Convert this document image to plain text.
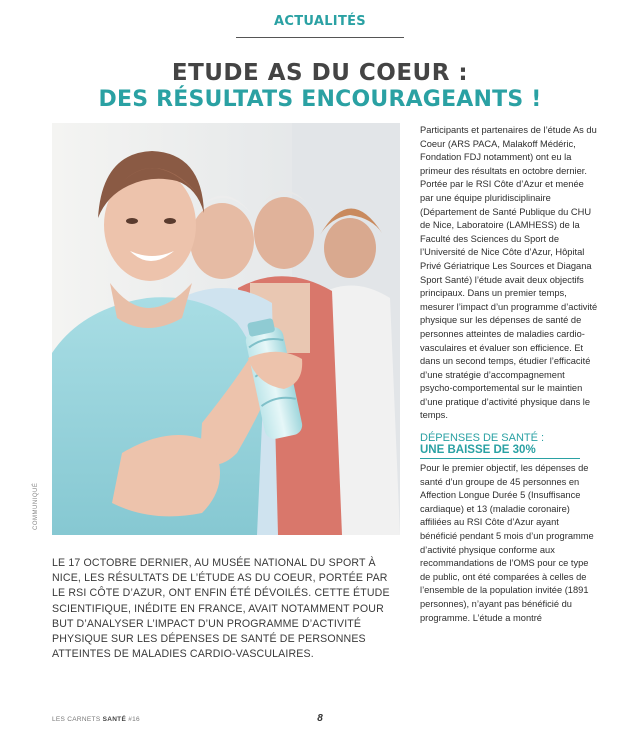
ACTUALITÉS
ETUDE AS DU COEUR :
DES RÉSULTATS ENCOURAGEANTS !
COMMUNIQUÉ

LE 17 OCTOBRE DERNIER, AU MUSÉE NATIONAL DU SPORT À NICE, LES RÉSULTATS DE L’ÉTUDE AS DU COEUR, PORTÉE PAR LE RSI CÔTE D’AZUR, ONT ENFIN ÉTÉ DÉVOILÉS. CETTE ÉTUDE SCIENTIFIQUE, INÉDITE EN FRANCE, AVAIT NOTAMMENT POUR BUT D’ANALYSER L’IMPACT D’UN PROGRAMME D’ACTIVITÉ PHYSIQUE SUR LES DÉPENSES DE SANTÉ DE PERSONNES ATTEINTES DE MALADIES CARDIO-VASCULAIRES.

Participants et partenaires de l’étude As du Coeur (ARS PACA, Malakoff Médéric, Fondation FDJ notamment) ont eu la primeur des résultats en octobre dernier. Portée par le RSI Côte d’Azur et menée par une équipe pluridisciplinaire (Département de Santé Publique du CHU de Nice, Laboratoire (LAMHESS) de la Faculté des Sciences du Sport de l’Université de Nice Côte d’Azur, Hôpital Privé Gériatrique Les Sources et Diagana Sport Santé) l’étude avait deux objectifs principaux. Dans un premier temps, mesurer l’impact d’un programme d’activité physique sur les dépenses de santé de personnes atteintes de maladies cardio-vasculaires et évaluer son efficience. Et dans un second temps, étudier l’efficacité d’une stratégie d’accompagnement psycho-comportemental sur le maintien d’une pratique d’activité physique dans le temps.

DÉPENSES DE SANTÉ :
UNE BAISSE DE 30%

Pour le premier objectif, les dépenses de santé d’un groupe de 45 personnes en Affection Longue Durée 5 (Insuffisance cardiaque) et 13 (maladie coronaire) affiliées au RSI Côte d’Azur ayant bénéficié pendant 5 mois d’un programme d’activité physique conforme aux recommandations de l’OMS pour ce type de public, ont été comparées à celles de l’ensemble de la population invitée (1891 personnes), n’ayant pas bénéficié du programme. L’étude a montré

LES CARNETS SANTÉ #16	8
